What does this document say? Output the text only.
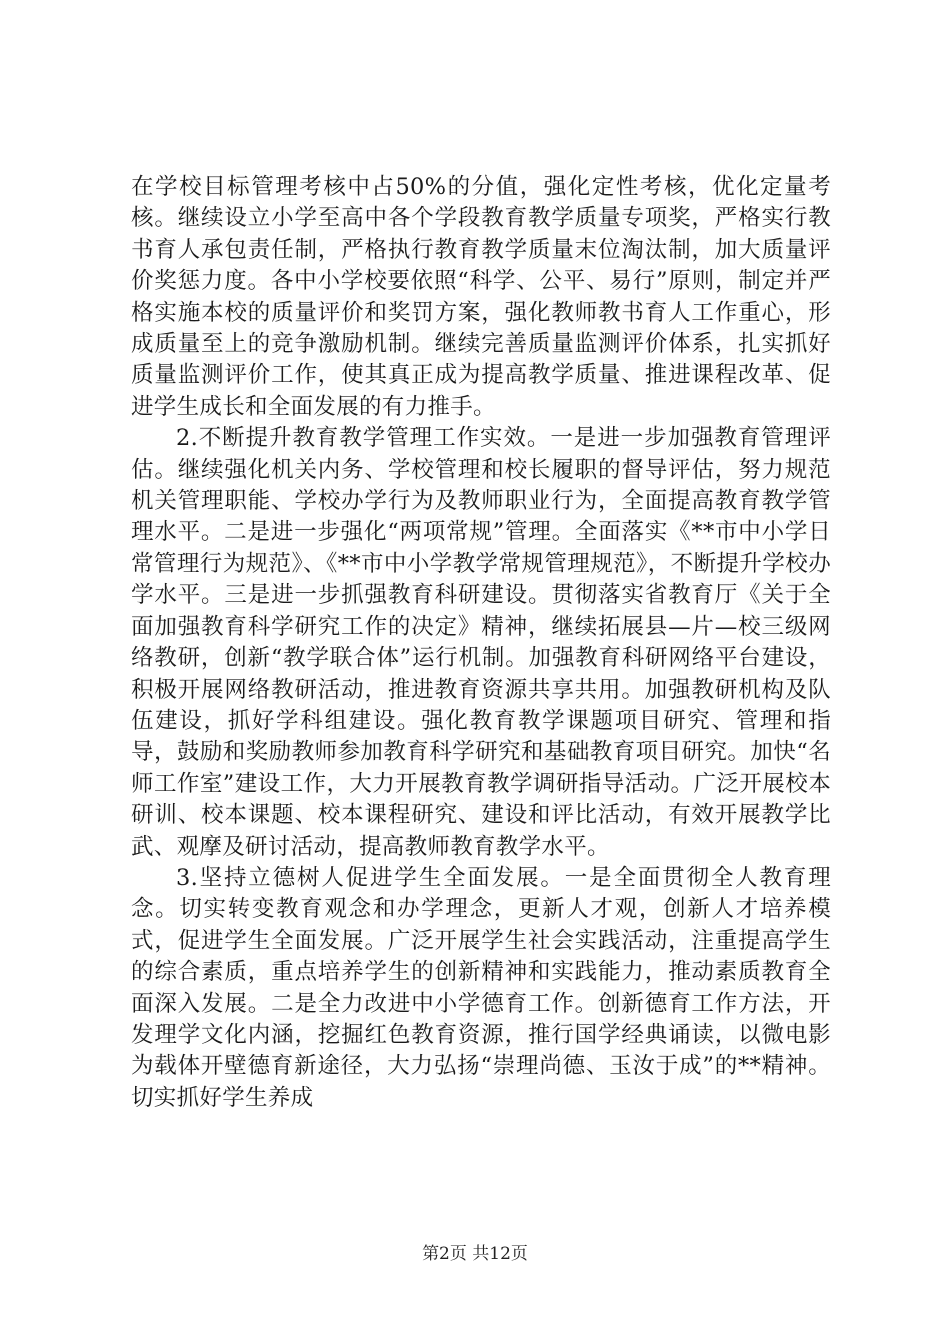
在学校目标管理考核中占50%的分值，强化定性考核，优化定量考核。继续设立小学至高中各个学段教育教学质量专项奖，严格实行教书育人承包责任制，严格执行教育教学质量末位淘汰制，加大质量评价奖惩力度。各中小学校要依照“科学、公平、易行”原则，制定并严格实施本校的质量评价和奖罚方案，强化教师教书育人工作重心，形成质量至上的竞争激励机制。继续完善质量监测评价体系，扎实抓好质量监测评价工作，使其真正成为提高教学质量、推进课程改革、促进学生成长和全面发展的有力推手。

2.不断提升教育教学管理工作实效。一是进一步加强教育管理评估。继续强化机关内务、学校管理和校长履职的督导评估，努力规范机关管理职能、学校办学行为及教师职业行为，全面提高教育教学管理水平。二是进一步强化“两项常规”管理。全面落实《**市中小学日常管理行为规范》、《**市中小学教学常规管理规范》，不断提升学校办学水平。三是进一步抓强教育科研建设。贯彻落实省教育厅《关于全面加强教育科学研究工作的决定》精神，继续拓展县—片—校三级网络教研，创新“教学联合体”运行机制。加强教育科研网络平台建设，积极开展网络教研活动，推进教育资源共享共用。加强教研机构及队伍建设，抓好学科组建设。强化教育教学课题项目研究、管理和指导，鼓励和奖励教师参加教育科学研究和基础教育项目研究。加快“名师工作室”建设工作，大力开展教育教学调研指导活动。广泛开展校本研训、校本课题、校本课程研究、建设和评比活动，有效开展教学比武、观摩及研讨活动，提高教师教育教学水平。

3.坚持立德树人促进学生全面发展。一是全面贯彻全人教育理念。切实转变教育观念和办学理念，更新人才观，创新人才培养模式，促进学生全面发展。广泛开展学生社会实践活动，注重提高学生的综合素质，重点培养学生的创新精神和实践能力，推动素质教育全面深入发展。二是全力改进中小学德育工作。创新德育工作方法，开发理学文化内涵，挖掘红色教育资源，推行国学经典诵读，以微电影为载体开壁德育新途径，大力弘扬“崇理尚德、玉汝于成”的**精神。切实抓好学生养成

第2页 共12页
